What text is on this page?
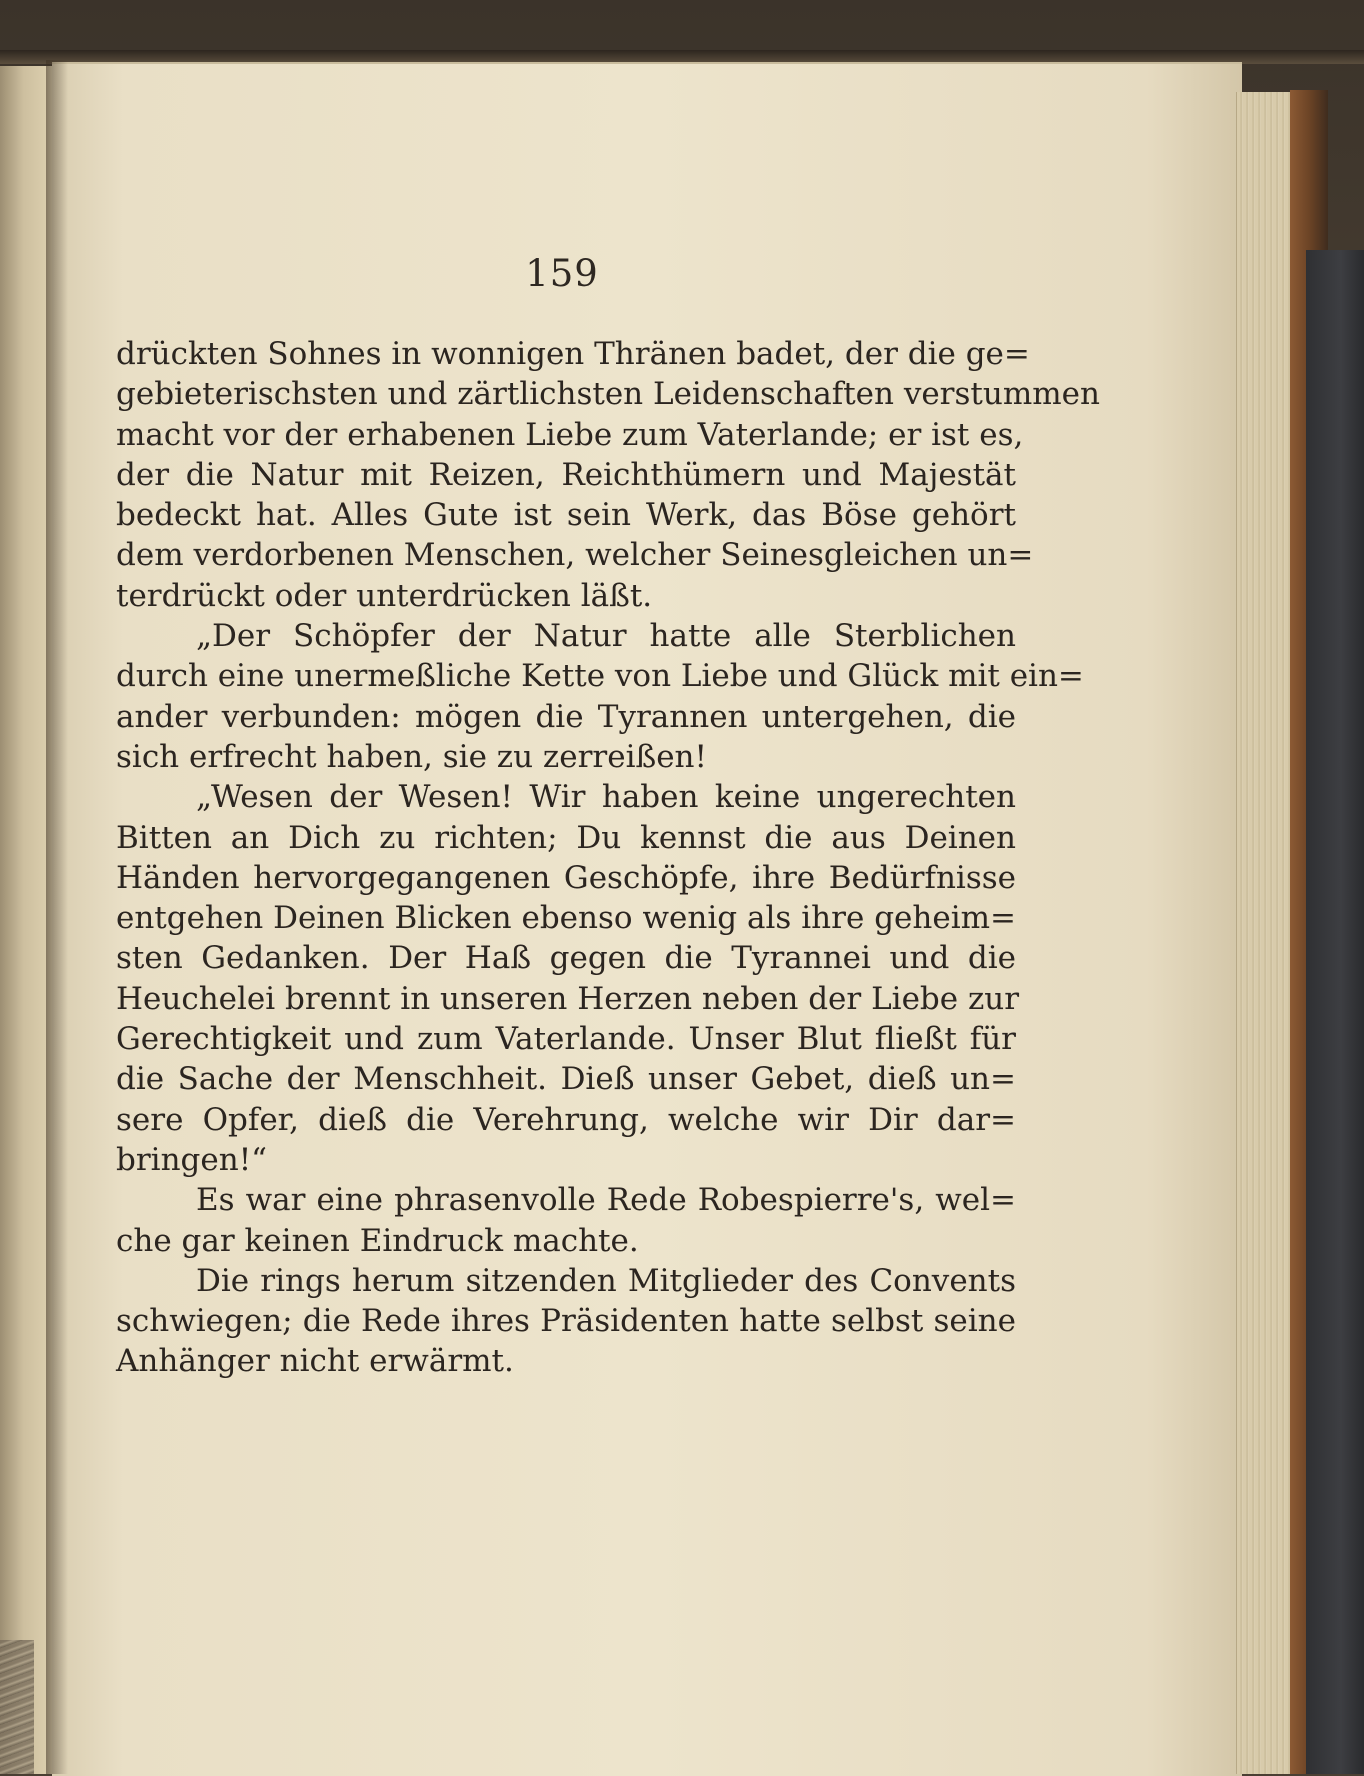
159
drückten Sohnes in wonnigen Thränen badet, der die ge=
gebieterischsten und zärtlichsten Leidenschaften verstummen
macht vor der erhabenen Liebe zum Vaterlande; er ist es,
der die Natur mit Reizen, Reichthümern und Majestät
bedeckt hat. Alles Gute ist sein Werk, das Böse gehört
dem verdorbenen Menschen, welcher Seinesgleichen un=
terdrückt oder unterdrücken läßt.
„Der Schöpfer der Natur hatte alle Sterblichen
durch eine unermeßliche Kette von Liebe und Glück mit ein=
ander verbunden: mögen die Tyrannen untergehen, die
sich erfrecht haben, sie zu zerreißen!
„Wesen der Wesen! Wir haben keine ungerechten
Bitten an Dich zu richten; Du kennst die aus Deinen
Händen hervorgegangenen Geschöpfe, ihre Bedürfnisse
entgehen Deinen Blicken ebenso wenig als ihre geheim=
sten Gedanken. Der Haß gegen die Tyrannei und die
Heuchelei brennt in unseren Herzen neben der Liebe zur
Gerechtigkeit und zum Vaterlande. Unser Blut fließt für
die Sache der Menschheit. Dieß unser Gebet, dieß un=
sere Opfer, dieß die Verehrung, welche wir Dir dar=
bringen!“
Es war eine phrasenvolle Rede Robespierre's, wel=
che gar keinen Eindruck machte.
Die rings herum sitzenden Mitglieder des Convents
schwiegen; die Rede ihres Präsidenten hatte selbst seine
Anhänger nicht erwärmt.
